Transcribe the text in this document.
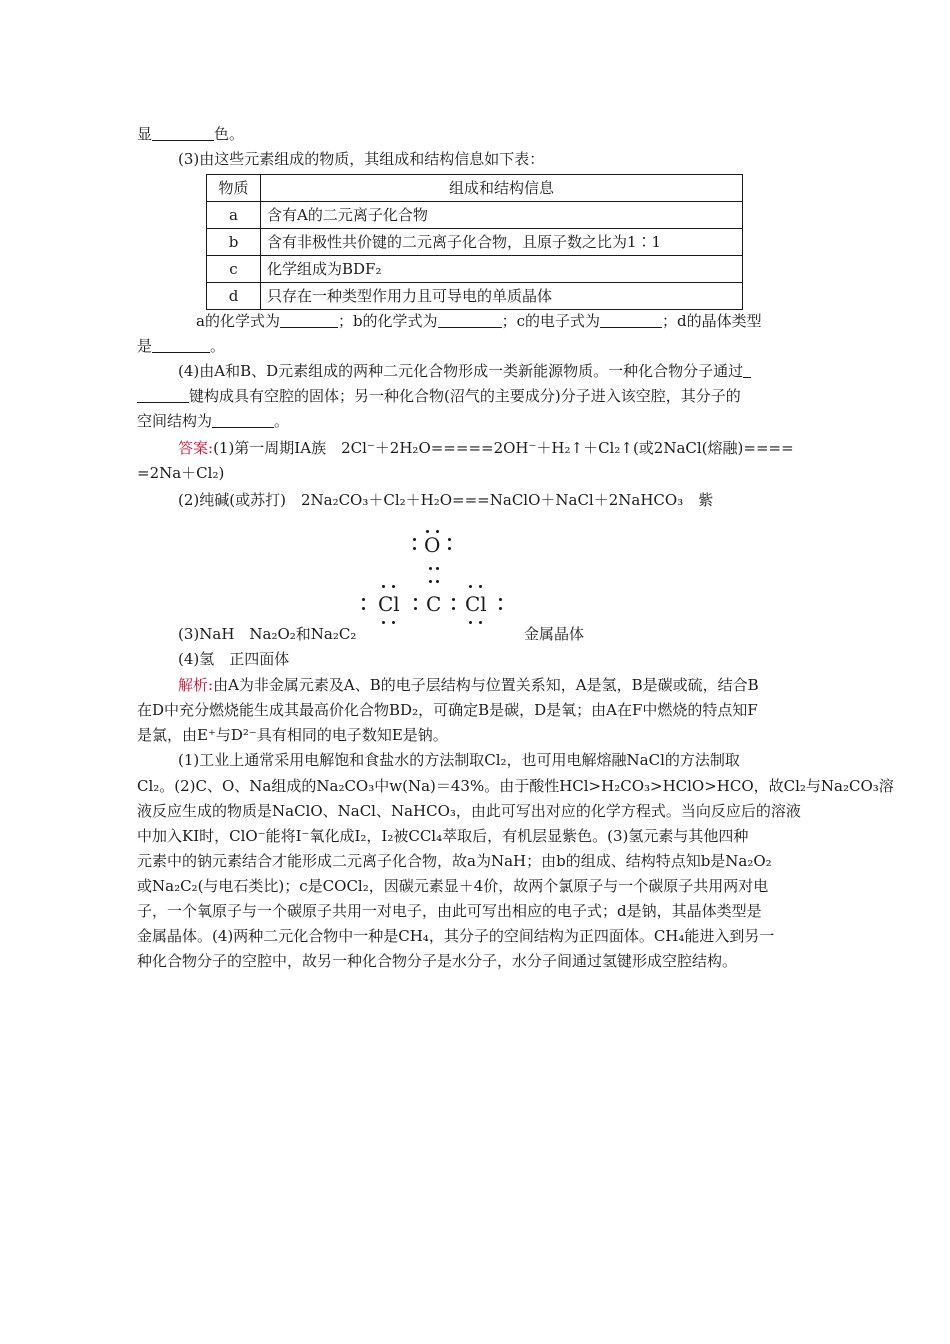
显	色。
(3)由这些元素组成的物质，其组成和结构信息如下表：
物质	组成和结构信息
a	含有A的二元离子化合物
b	含有非极性共价键的二元离子化合物，且原子数之比为1∶1
c	化学组成为BDF₂
d	只存在一种类型作用力且可导电的单质晶体
a的化学式为	；b的化学式为	；c的电子式为	；d的晶体类型
是	。
(4)由A和B、D元素组成的两种二元化合物形成一类新能源物质。一种化合物分子通过
键构成具有空腔的固体；另一种化合物(沼气的主要成分)分子进入该空腔，其分子的
空间结构为	。
答案:(1)第一周期ⅠA族　2Cl⁻＋2H₂O=====2OH⁻＋H₂↑＋Cl₂↑(或2NaCl(熔融)====
=2Na＋Cl₂)
(2)纯碱(或苏打)　2Na₂CO₃＋Cl₂＋H₂O===NaClO＋NaCl＋2NaHCO₃　紫
O
Cl C Cl
(3)NaH　Na₂O₂和Na₂C₂	金属晶体
(4)氢　正四面体
解析:由A为非金属元素及A、B的电子层结构与位置关系知，A是氢，B是碳或硫，结合B
在D中充分燃烧能生成其最高价化合物BD₂，可确定B是碳，D是氧；由A在F中燃烧的特点知F
是氯，由E⁺与D²⁻具有相同的电子数知E是钠。
(1)工业上通常采用电解饱和食盐水的方法制取Cl₂，也可用电解熔融NaCl的方法制取
Cl₂。(2)C、O、Na组成的Na₂CO₃中w(Na)＝43%。由于酸性HCl>H₂CO₃>HClO>HCO，故Cl₂与Na₂CO₃溶
液反应生成的物质是NaClO、NaCl、NaHCO₃，由此可写出对应的化学方程式。当向反应后的溶液
中加入KI时，ClO⁻能将I⁻氧化成I₂，I₂被CCl₄萃取后，有机层显紫色。(3)氢元素与其他四种
元素中的钠元素结合才能形成二元离子化合物，故a为NaH；由b的组成、结构特点知b是Na₂O₂
或Na₂C₂(与电石类比)；c是COCl₂，因碳元素显＋4价，故两个氯原子与一个碳原子共用两对电
子，一个氧原子与一个碳原子共用一对电子，由此可写出相应的电子式；d是钠，其晶体类型是
金属晶体。(4)两种二元化合物中一种是CH₄，其分子的空间结构为正四面体。CH₄能进入到另一
种化合物分子的空腔中，故另一种化合物分子是水分子，水分子间通过氢键形成空腔结构。
